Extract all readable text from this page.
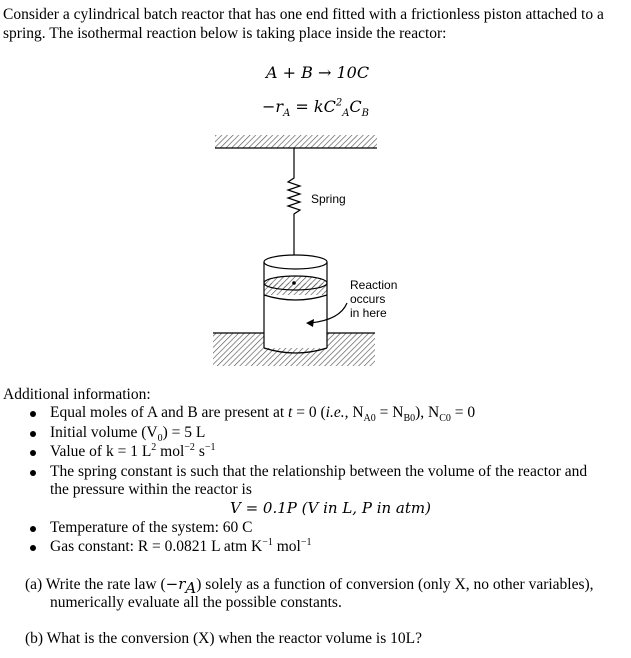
Consider a cylindrical batch reactor that has one end fitted with a frictionless piston attached to a
spring. The isothermal reaction below is taking place inside the reactor:
A + B → 10C
$-r_A = kC^2_AC_B$
Spring
Reaction
occurs
in here
Additional information:
Equal moles of A and B are present at t = 0 (i.e., $N_{A0} = N_{B0}$), $N_{C0} = 0$
Initial volume $(V_0) = 5$ L
Value of k = 1 $L^2$ mol$^{-2}$ $s^{-1}$
The spring constant is such that the relationship between the volume of the reactor and
the pressure within the reactor is
V = 0.1P (V in L, P in atm)
Temperature of the system: 60 C
Gas constant: R = 0.0821 L atm $K^{-1}$ mol$^{-1}$
(a) Write the rate law $(-r_A)$ solely as a function of conversion (only X, no other variables),
numerically evaluate all the possible constants.
(b) What is the conversion (X) when the reactor volume is 10L?
